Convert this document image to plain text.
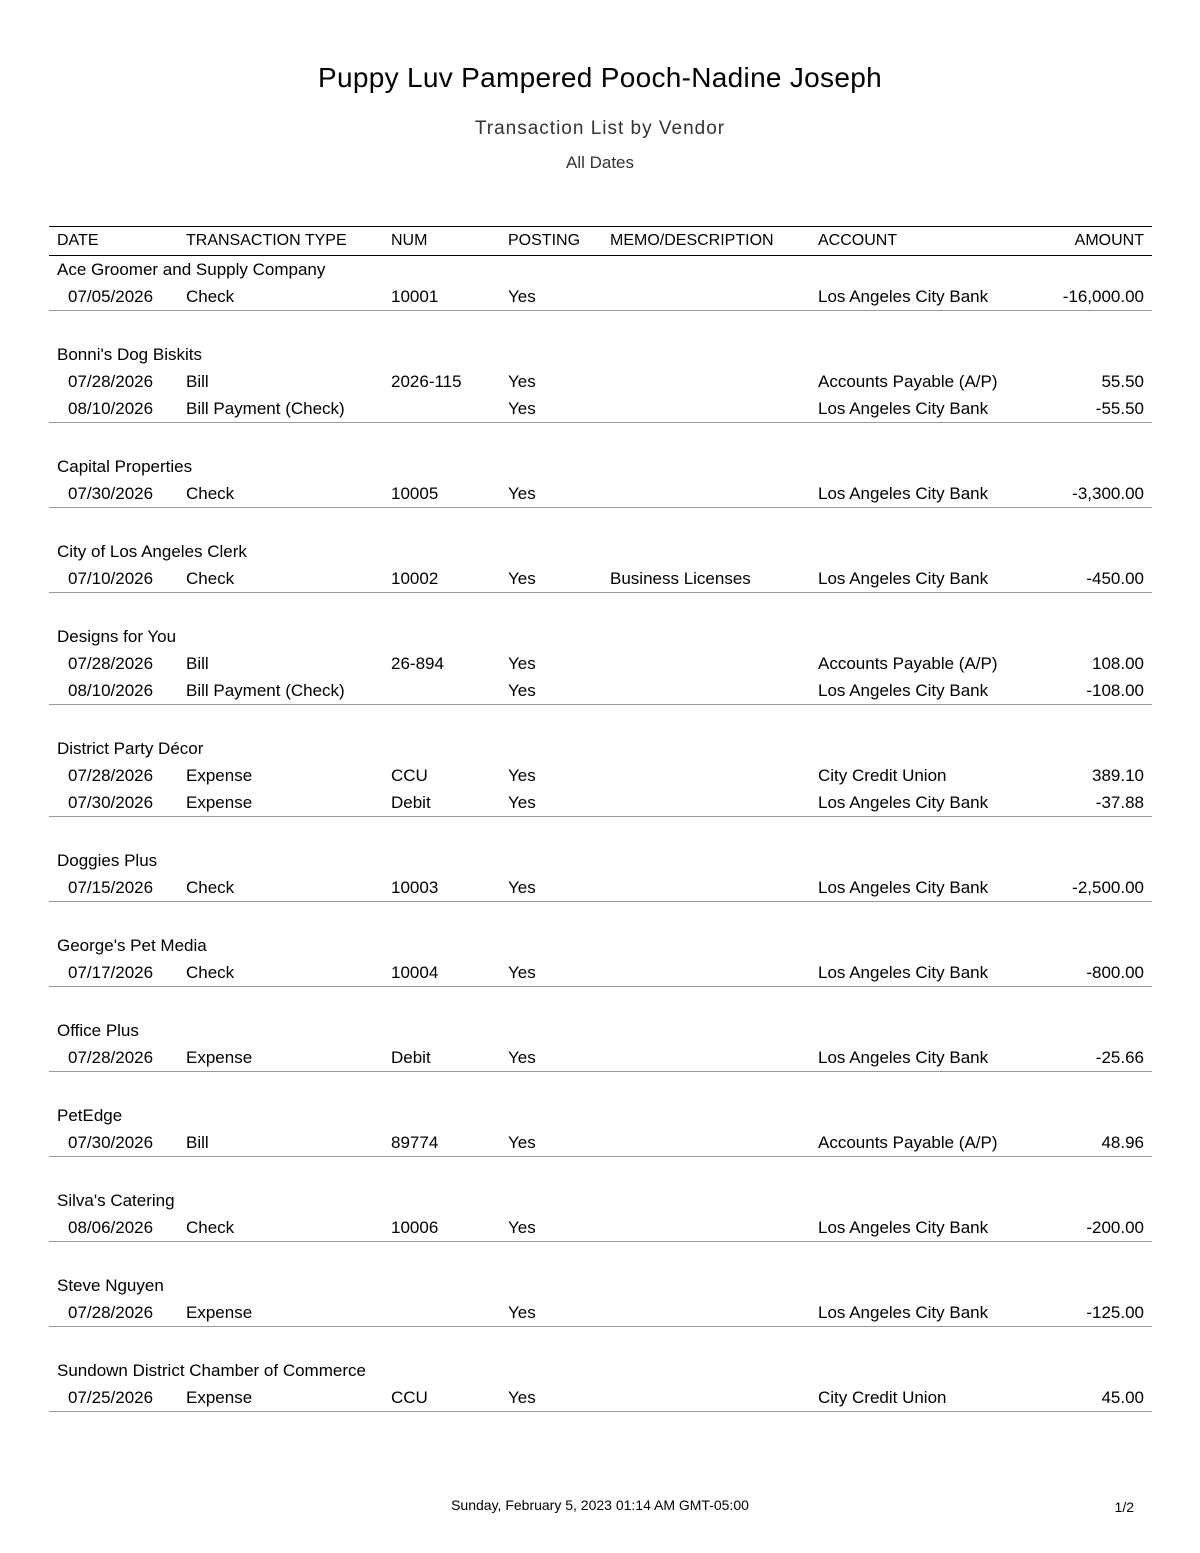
Puppy Luv Pampered Pooch-Nadine Joseph
Transaction List by Vendor
All Dates
DATE	TRANSACTION TYPE	NUM	POSTING MEMO/DESCRIPTION	ACCOUNT	AMOUNT
Ace Groomer and Supply Company
07/05/2026 Check	10001	Yes	Los Angeles City Bank	-16,000.00
Bonni's Dog Biskits
07/28/2026 Bill	2026-115	Yes	Accounts Payable (A/P)	55.50
08/10/2026 Bill Payment (Check)	Yes	Los Angeles City Bank	-55.50
Capital Properties
07/30/2026 Check	10005	Yes	Los Angeles City Bank	-3,300.00
City of Los Angeles Clerk
07/10/2026 Check	10002	Yes	Business Licenses	Los Angeles City Bank	-450.00
Designs for You
07/28/2026 Bill	26-894	Yes	Accounts Payable (A/P)	108.00
08/10/2026 Bill Payment (Check)	Yes	Los Angeles City Bank	-108.00
District Party Décor
07/28/2026 Expense	CCU	Yes	City Credit Union	389.10
07/30/2026 Expense	Debit	Yes	Los Angeles City Bank	-37.88
Doggies Plus
07/15/2026 Check	10003	Yes	Los Angeles City Bank	-2,500.00
George's Pet Media
07/17/2026 Check	10004	Yes	Los Angeles City Bank	-800.00
Office Plus
07/28/2026 Expense	Debit	Yes	Los Angeles City Bank	-25.66
PetEdge
07/30/2026 Bill	89774	Yes	Accounts Payable (A/P)	48.96
Silva's Catering
08/06/2026 Check	10006	Yes	Los Angeles City Bank	-200.00
Steve Nguyen
07/28/2026 Expense	Yes	Los Angeles City Bank	-125.00
Sundown District Chamber of Commerce
07/25/2026 Expense	CCU	Yes	City Credit Union	45.00
Sunday, February 5, 2023 01:14 AM GMT-05:00	1/2
